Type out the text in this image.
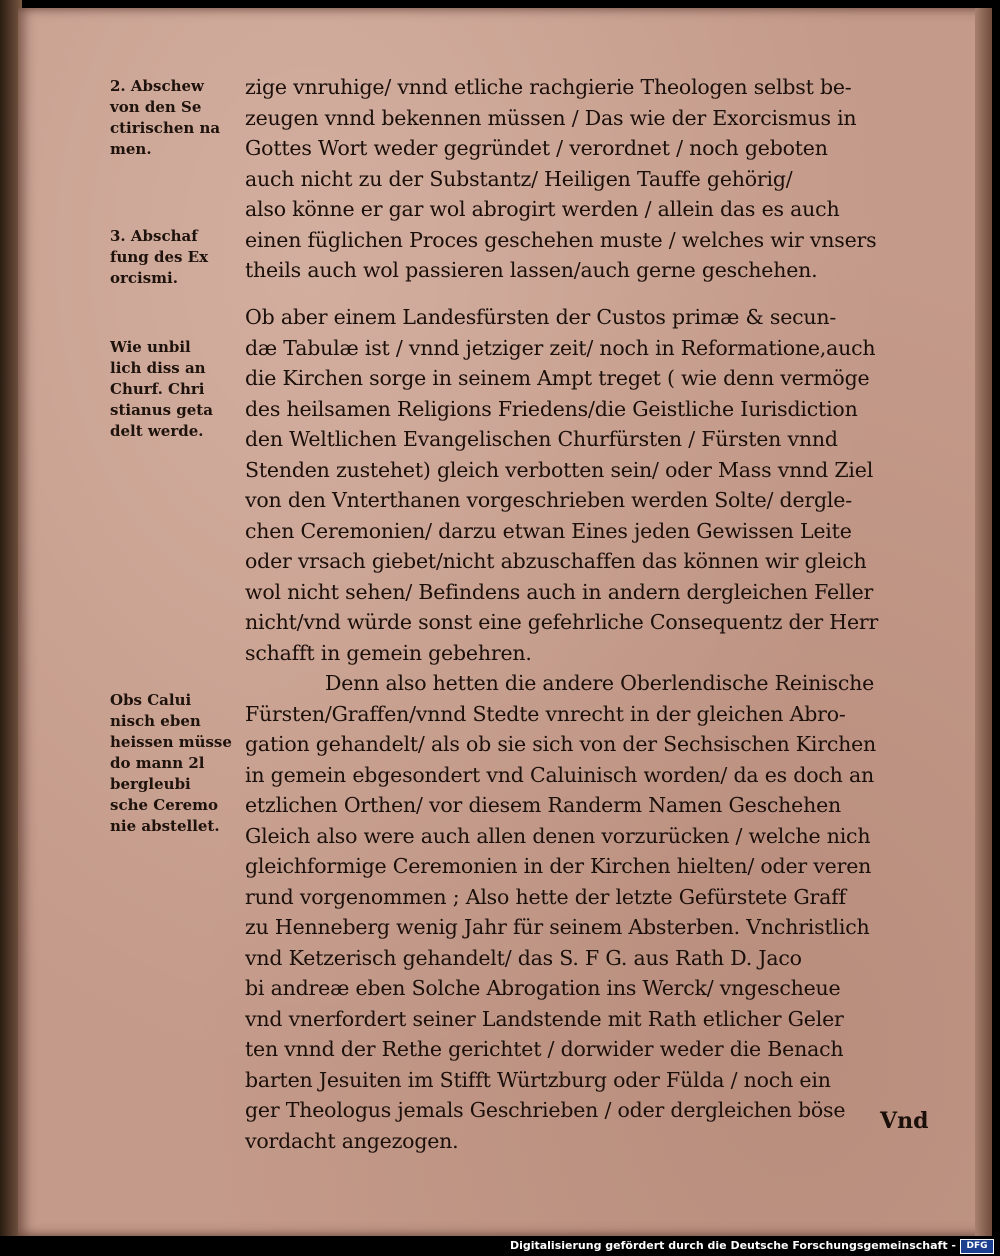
2. Abschew
von den Se
ctirischen na
men.
3. Abschaf
fung des Ex
orcismi.
Wie unbil
lich diss an
Churf. Chri
stianus geta
delt werde.
Obs Calui
nisch eben
heissen müsse
do mann 2l
bergleubi
sche Ceremo
nie abstellet.
zige vnruhige/ vnnd etliche rachgierie Theologen selbst be-
zeugen vnnd bekennen müssen / Das wie der Exorcismus in
Gottes Wort weder gegründet / verordnet / noch geboten
auch nicht zu der Substantz/ Heiligen Tauffe gehörig/
also könne er gar wol abrogirt werden / allein das es auch
einen füglichen Proces geschehen muste / welches wir vnsers
theils auch wol passieren lassen/auch gerne geschehen.
Ob aber einem Landesfürsten der Custos primæ & secun-
dæ Tabulæ ist / vnnd jetziger zeit/ noch in Reformatione,auch
die Kirchen sorge in seinem Ampt treget ( wie denn vermöge
des heilsamen Religions Friedens/die Geistliche Iurisdiction
den Weltlichen Evangelischen Churfürsten / Fürsten vnnd
Stenden zustehet) gleich verbotten sein/ oder Mass vnnd Ziel
von den Vnterthanen vorgeschrieben werden Solte/ dergle-
chen Ceremonien/ darzu etwan Eines jeden Gewissen Leite
oder vrsach giebet/nicht abzuschaffen das können wir gleich
wol nicht sehen/ Befindens auch in andern dergleichen Feller
nicht/vnd würde sonst eine gefehrliche Consequentz der Herr
schafft in gemein gebehren.
Denn also hetten die andere Oberlendische Reinische
Fürsten/Graffen/vnnd Stedte vnrecht in der gleichen Abro-
gation gehandelt/ als ob sie sich von der Sechsischen Kirchen
in gemein ebgesondert vnd Caluinisch worden/ da es doch an
etzlichen Orthen/ vor diesem Randerm Namen Geschehen
Gleich also were auch allen denen vorzurücken / welche nich
gleichformige Ceremonien in der Kirchen hielten/ oder veren
rund vorgenommen ; Also hette der letzte Gefürstete Graff
zu Henneberg wenig Jahr für seinem Absterben. Vnchristlich
vnd Ketzerisch gehandelt/ das S. F G. aus Rath D. Jaco
bi andreæ eben Solche Abrogation ins Werck/ vngescheue
vnd vnerfordert seiner Landstende mit Rath etlicher Geler
ten vnnd der Rethe gerichtet / dorwider weder die Benach
barten Jesuiten im Stifft Würtzburg oder Fülda / noch ein
ger Theologus jemals Geschrieben / oder dergleichen böse
vordacht angezogen.
Vnd
Digitalisierung gefördert durch die Deutsche Forschungsgemeinschaft -	DFG
